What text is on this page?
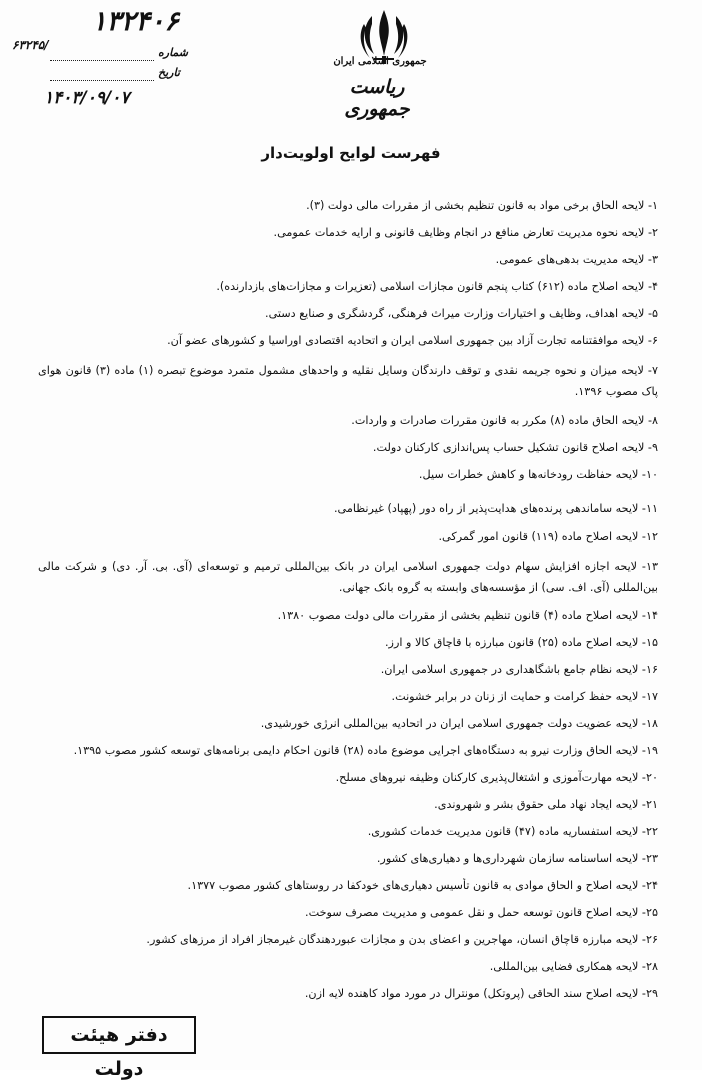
۱۳۲۴۰۶
۶۳۲۴۵/
شماره
تاریخ
۱۴۰۳/۰۹/۰۷
جمهوری اسلامی ایران
ریاست جمهوری
فهرست لوایح اولویت‌دار
۱- لایحه الحاق برخی مواد به قانون تنظیم بخشی از مقررات مالی دولت (۳).
۲- لایحه نحوه مدیریت تعارض منافع در انجام وظایف قانونی و ارایه خدمات عمومی.
۳- لایحه مدیریت بدهی‌های عمومی.
۴- لایحه اصلاح ماده (۶۱۲) کتاب پنجم قانون مجازات اسلامی (تعزیرات و مجازات‌های بازدارنده).
۵- لایحه اهداف، وظایف و اختیارات وزارت میراث فرهنگی، گردشگری و صنایع دستی.
۶- لایحه موافقتنامه تجارت آزاد بین جمهوری اسلامی ایران و اتحادیه اقتصادی اوراسیا و کشورهای عضو آن.
۷- لایحه میزان و نحوه جریمه نقدی و توقف دارندگان وسایل نقلیه و واحدهای مشمول متمرد موضوع تبصره (۱) ماده (۳) قانون هوای پاک مصوب ۱۳۹۶.
۸- لایحه الحاق ماده (۸) مکرر به قانون مقررات صادرات و واردات.
۹- لایحه اصلاح قانون تشکیل حساب پس‌اندازی کارکنان دولت.
۱۰- لایحه حفاظت رودخانه‌ها و کاهش خطرات سیل.
۱۱- لایحه ساماندهی پرنده‌های هدایت‌پذیر از راه دور (پهپاد) غیرنظامی.
۱۲- لایحه اصلاح ماده (۱۱۹) قانون امور گمرکی.
۱۳- لایحه اجازه افزایش سهام دولت جمهوری اسلامی ایران در بانک بین‌المللی ترمیم و توسعه‌ای (آی. بی. آر. دی) و شرکت مالی بین‌المللی (آی. اف. سی) از مؤسسه‌های وابسته به گروه بانک جهانی.
۱۴- لایحه اصلاح ماده (۴) قانون تنظیم بخشی از مقررات مالی دولت مصوب ۱۳۸۰.
۱۵- لایحه اصلاح ماده (۲۵) قانون مبارزه با قاچاق کالا و ارز.
۱۶- لایحه نظام جامع باشگاهداری در جمهوری اسلامی ایران.
۱۷- لایحه حفظ کرامت و حمایت از زنان در برابر خشونت.
۱۸- لایحه عضویت دولت جمهوری اسلامی ایران در اتحادیه بین‌المللی انرژی خورشیدی.
۱۹- لایحه الحاق وزارت نیرو به دستگاه‌های اجرایی موضوع ماده (۲۸) قانون احکام دایمی برنامه‌های توسعه کشور مصوب ۱۳۹۵.
۲۰- لایحه مهارت‌آموزی و اشتغال‌پذیری کارکنان وظیفه نیروهای مسلح.
۲۱- لایحه ایجاد نهاد ملی حقوق بشر و شهروندی.
۲۲- لایحه استفساریه ماده (۴۷) قانون مدیریت خدمات کشوری.
۲۳- لایحه اساسنامه سازمان شهرداری‌ها و دهیاری‌های کشور.
۲۴- لایحه اصلاح و الحاق موادی به قانون تأسیس دهیاری‌های خودکفا در روستاهای کشور مصوب ۱۳۷۷.
۲۵- لایحه اصلاح قانون توسعه حمل و نقل عمومی و مدیریت مصرف سوخت.
۲۶- لایحه مبارزه قاچاق انسان، مهاجرین و اعضای بدن و مجازات عبوردهندگان غیرمجاز افراد از مرزهای کشور.
۲۸- لایحه همکاری فضایی بین‌المللی.
۲۹- لایحه اصلاح سند الحاقی (پروتکل) مونترال در مورد مواد کاهنده لایه ازن.
دفتر هیئت دولت
